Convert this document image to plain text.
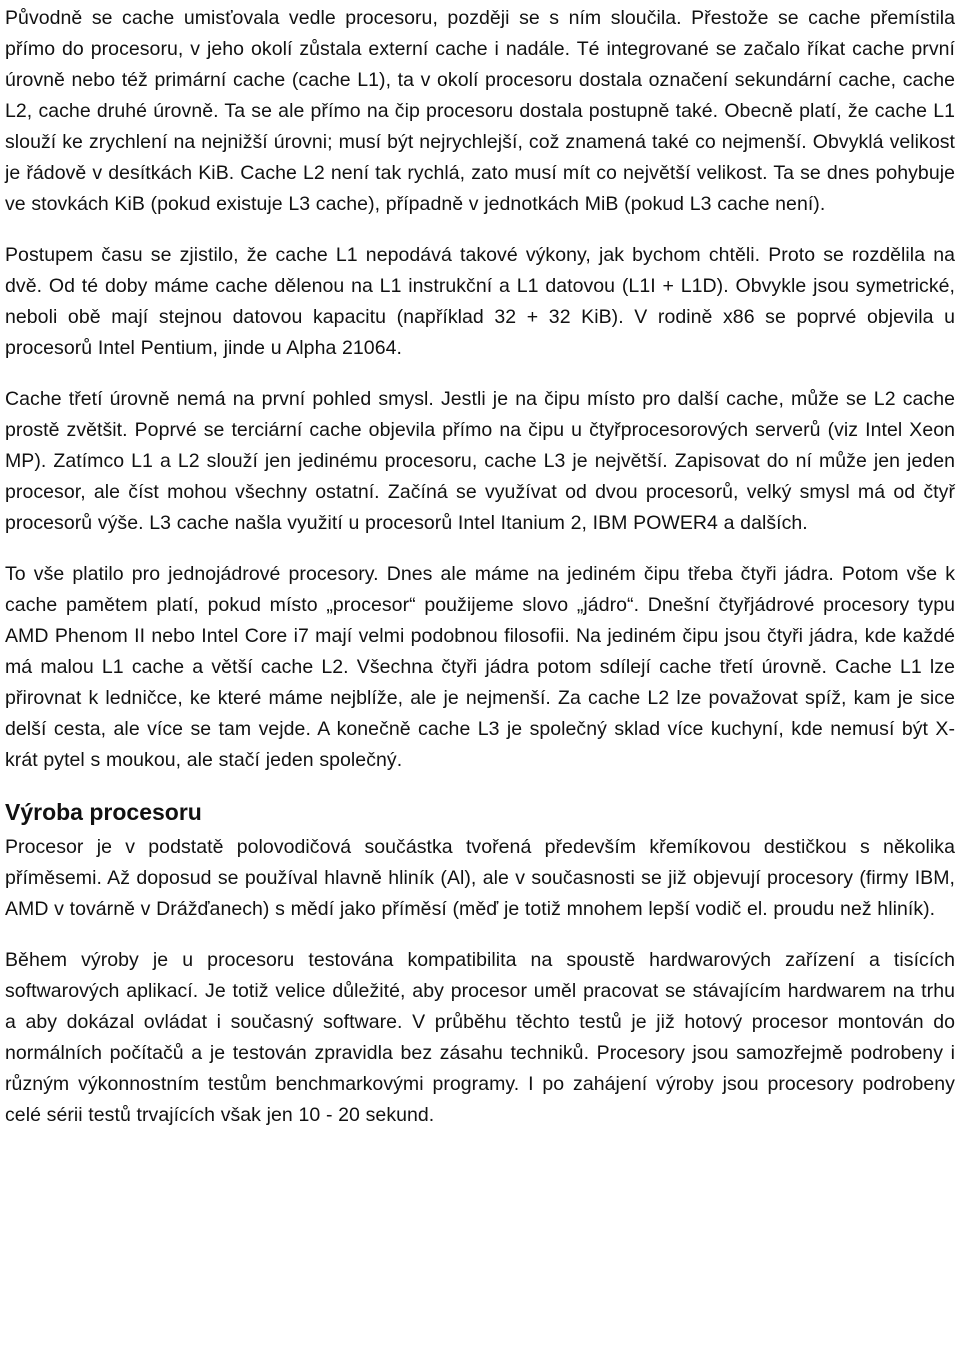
Původně se cache umisťovala vedle procesoru, později se s ním sloučila. Přestože se cache přemístila přímo do procesoru, v jeho okolí zůstala externí cache i nadále. Té integrované se začalo říkat cache první úrovně nebo též primární cache (cache L1), ta v okolí procesoru dostala označení sekundární cache, cache L2, cache druhé úrovně. Ta se ale přímo na čip procesoru dostala postupně také. Obecně platí, že cache L1 slouží ke zrychlení na nejnižší úrovni; musí být nejrychlejší, což znamená také co nejmenší. Obvyklá velikost je řádově v desítkách KiB. Cache L2 není tak rychlá, zato musí mít co největší velikost. Ta se dnes pohybuje ve stovkách KiB (pokud existuje L3 cache), případně v jednotkách MiB (pokud L3 cache není).

Postupem času se zjistilo, že cache L1 nepodává takové výkony, jak bychom chtěli. Proto se rozdělila na dvě. Od té doby máme cache dělenou na L1 instrukční a L1 datovou (L1I + L1D). Obvykle jsou symetrické, neboli obě mají stejnou datovou kapacitu (například 32 + 32 KiB). V rodině x86 se poprvé objevila u procesorů Intel Pentium, jinde u Alpha 21064.

Cache třetí úrovně nemá na první pohled smysl. Jestli je na čipu místo pro další cache, může se L2 cache prostě zvětšit. Poprvé se terciární cache objevila přímo na čipu u čtyřprocesorových serverů (viz Intel Xeon MP). Zatímco L1 a L2 slouží jen jedinému procesoru, cache L3 je největší. Zapisovat do ní může jen jeden procesor, ale číst mohou všechny ostatní. Začíná se využívat od dvou procesorů, velký smysl má od čtyř procesorů výše. L3 cache našla využití u procesorů Intel Itanium 2, IBM POWER4 a dalších.

To vše platilo pro jednojádrové procesory. Dnes ale máme na jediném čipu třeba čtyři jádra. Potom vše k cache pamětem platí, pokud místo „procesor“ použijeme slovo „jádro“. Dnešní čtyřjádrové procesory typu AMD Phenom II nebo Intel Core i7 mají velmi podobnou filosofii. Na jediném čipu jsou čtyři jádra, kde každé má malou L1 cache a větší cache L2. Všechna čtyři jádra potom sdílejí cache třetí úrovně. Cache L1 lze přirovnat k ledničce, ke které máme nejblíže, ale je nejmenší. Za cache L2 lze považovat spíž, kam je sice delší cesta, ale více se tam vejde. A konečně cache L3 je společný sklad více kuchyní, kde nemusí být X-krát pytel s moukou, ale stačí jeden společný.

Výroba procesoru

Procesor je v podstatě polovodičová součástka tvořená především křemíkovou destičkou s několika příměsemi. Až doposud se používal hlavně hliník (Al), ale v současnosti se již objevují procesory (firmy IBM, AMD v továrně v Drážďanech) s mědí jako příměsí (měď je totiž mnohem lepší vodič el. proudu než hliník).

Během výroby je u procesoru testována kompatibilita na spoustě hardwarových zařízení a tisících softwarových aplikací. Je totiž velice důležité, aby procesor uměl pracovat se stávajícím hardwarem na trhu a aby dokázal ovládat i současný software. V průběhu těchto testů je již hotový procesor montován do normálních počítačů a je testován zpravidla bez zásahu techniků. Procesory jsou samozřejmě podrobeny i různým výkonnostním testům benchmarkovými programy. I po zahájení výroby jsou procesory podrobeny celé sérii testů trvajících však jen 10 - 20 sekund.
